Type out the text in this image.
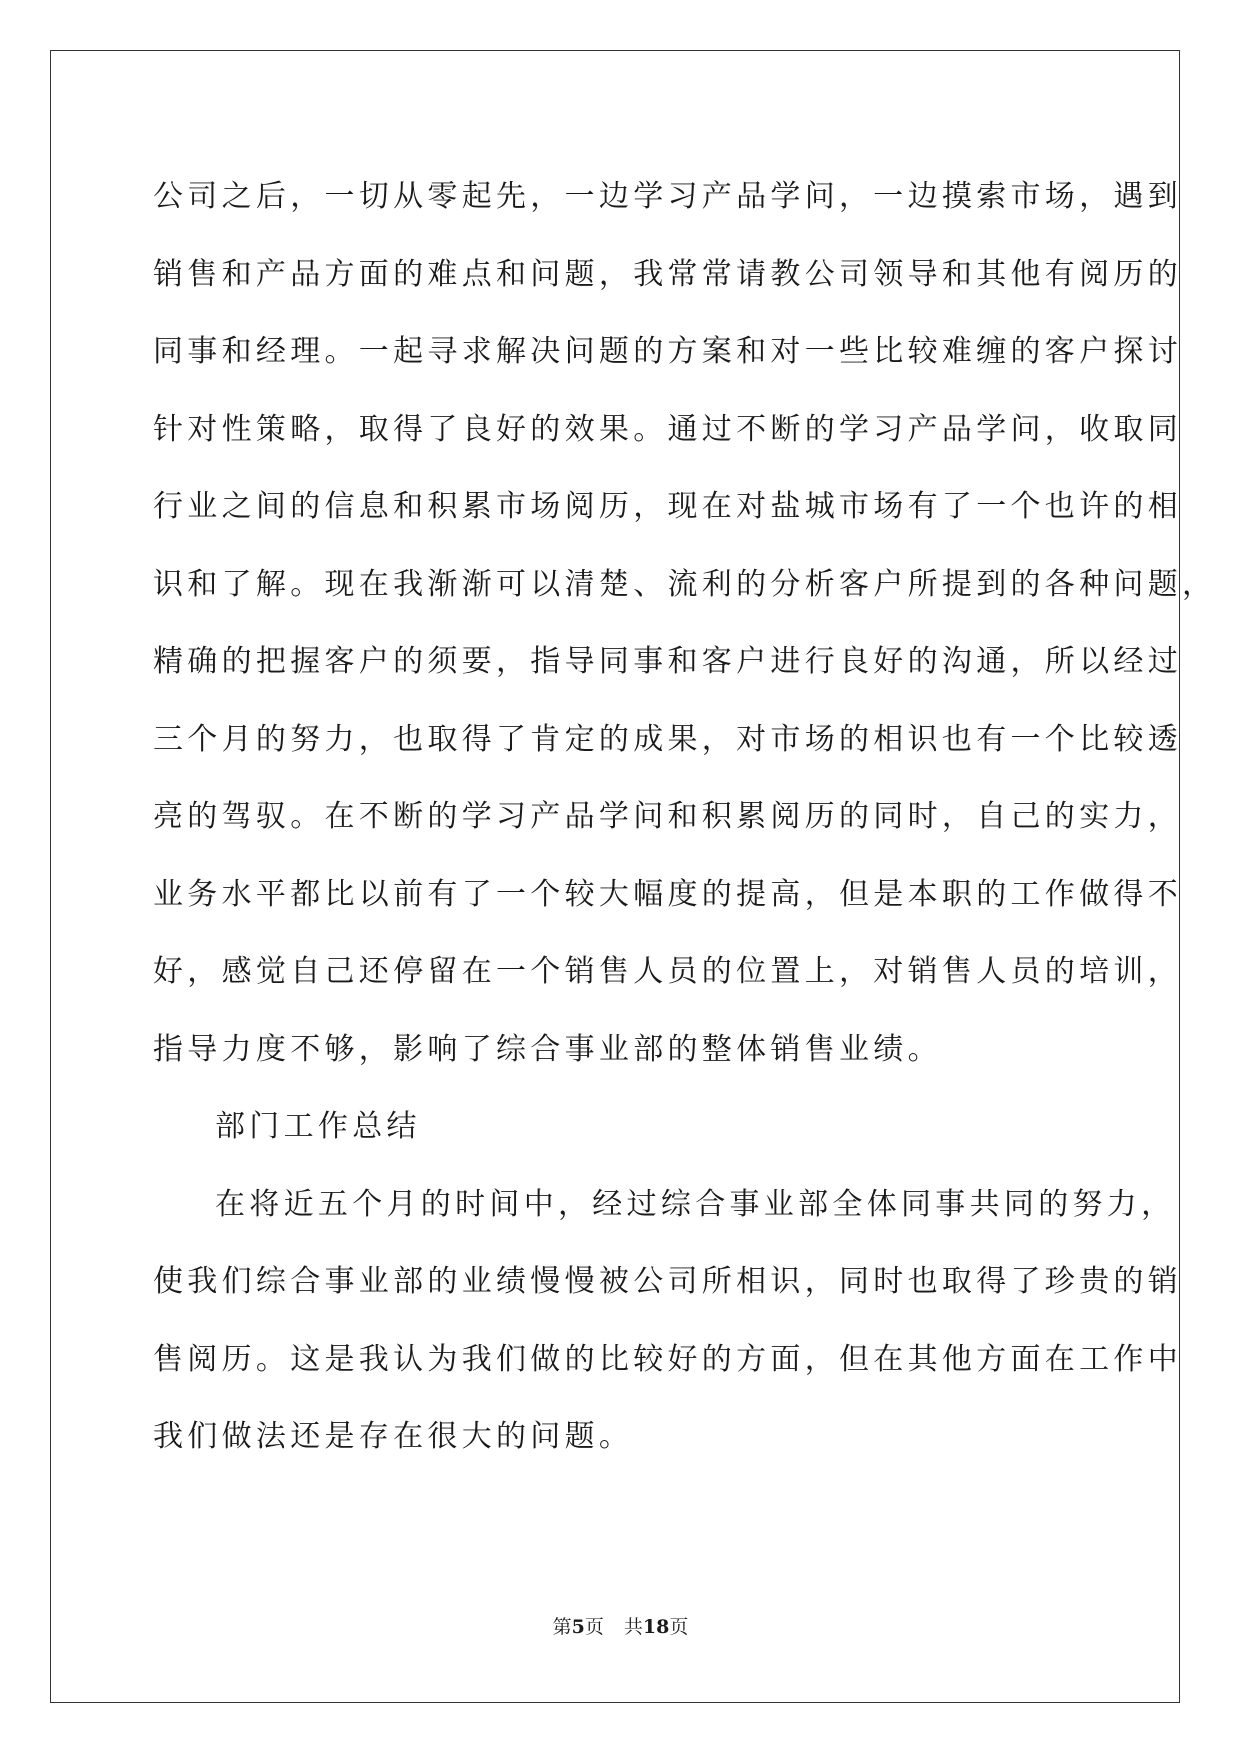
公司之后，一切从零起先，一边学习产品学问，一边摸索市场，遇到
销售和产品方面的难点和问题，我常常请教公司领导和其他有阅历的
同事和经理。一起寻求解决问题的方案和对一些比较难缠的客户探讨
针对性策略，取得了良好的效果。通过不断的学习产品学问，收取同
行业之间的信息和积累市场阅历，现在对盐城市场有了一个也许的相
识和了解。现在我渐渐可以清楚、流利的分析客户所提到的各种问题，
精确的把握客户的须要，指导同事和客户进行良好的沟通，所以经过
三个月的努力，也取得了肯定的成果，对市场的相识也有一个比较透
亮的驾驭。在不断的学习产品学问和积累阅历的同时，自己的实力，
业务水平都比以前有了一个较大幅度的提高，但是本职的工作做得不
好，感觉自己还停留在一个销售人员的位置上，对销售人员的培训，
指导力度不够，影响了综合事业部的整体销售业绩。
部门工作总结
在将近五个月的时间中，经过综合事业部全体同事共同的努力，
使我们综合事业部的业绩慢慢被公司所相识，同时也取得了珍贵的销
售阅历。这是我认为我们做的比较好的方面，但在其他方面在工作中
我们做法还是存在很大的问题。
第5页 共18页
